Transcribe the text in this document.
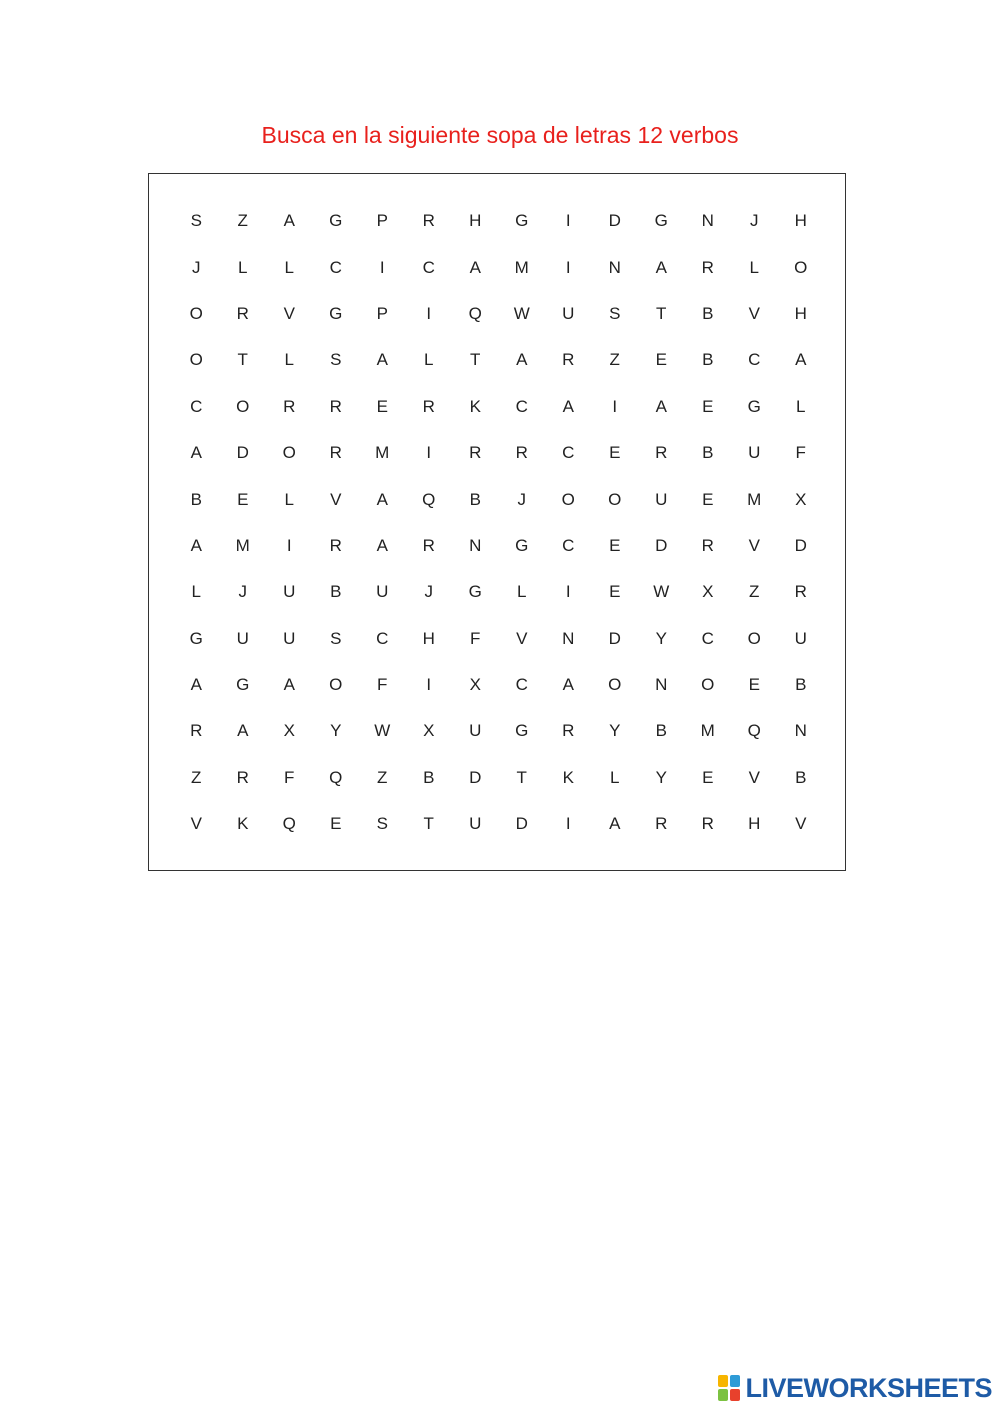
Busca en la siguiente sopa de letras 12 verbos
S	Z	A	G	P	R	H	G	I	D	G	N	J	H
J	L	L	C	I	C	A	M	I	N	A	R	L	O
O	R	V	G	P	I	Q	W	U	S	T	B	V	H
O	T	L	S	A	L	T	A	R	Z	E	B	C	A
C	O	R	R	E	R	K	C	A	I	A	E	G	L
A	D	O	R	M	I	R	R	C	E	R	B	U	F
B	E	L	V	A	Q	B	J	O	O	U	E	M	X
A	M	I	R	A	R	N	G	C	E	D	R	V	D
L	J	U	B	U	J	G	L	I	E	W	X	Z	R
G	U	U	S	C	H	F	V	N	D	Y	C	O	U
A	G	A	O	F	I	X	C	A	O	N	O	E	B
R	A	X	Y	W	X	U	G	R	Y	B	M	Q	N
Z	R	F	Q	Z	B	D	T	K	L	Y	E	V	B
V	K	Q	E	S	T	U	D	I	A	R	R	H	V
LIVEWORKSHEETS
